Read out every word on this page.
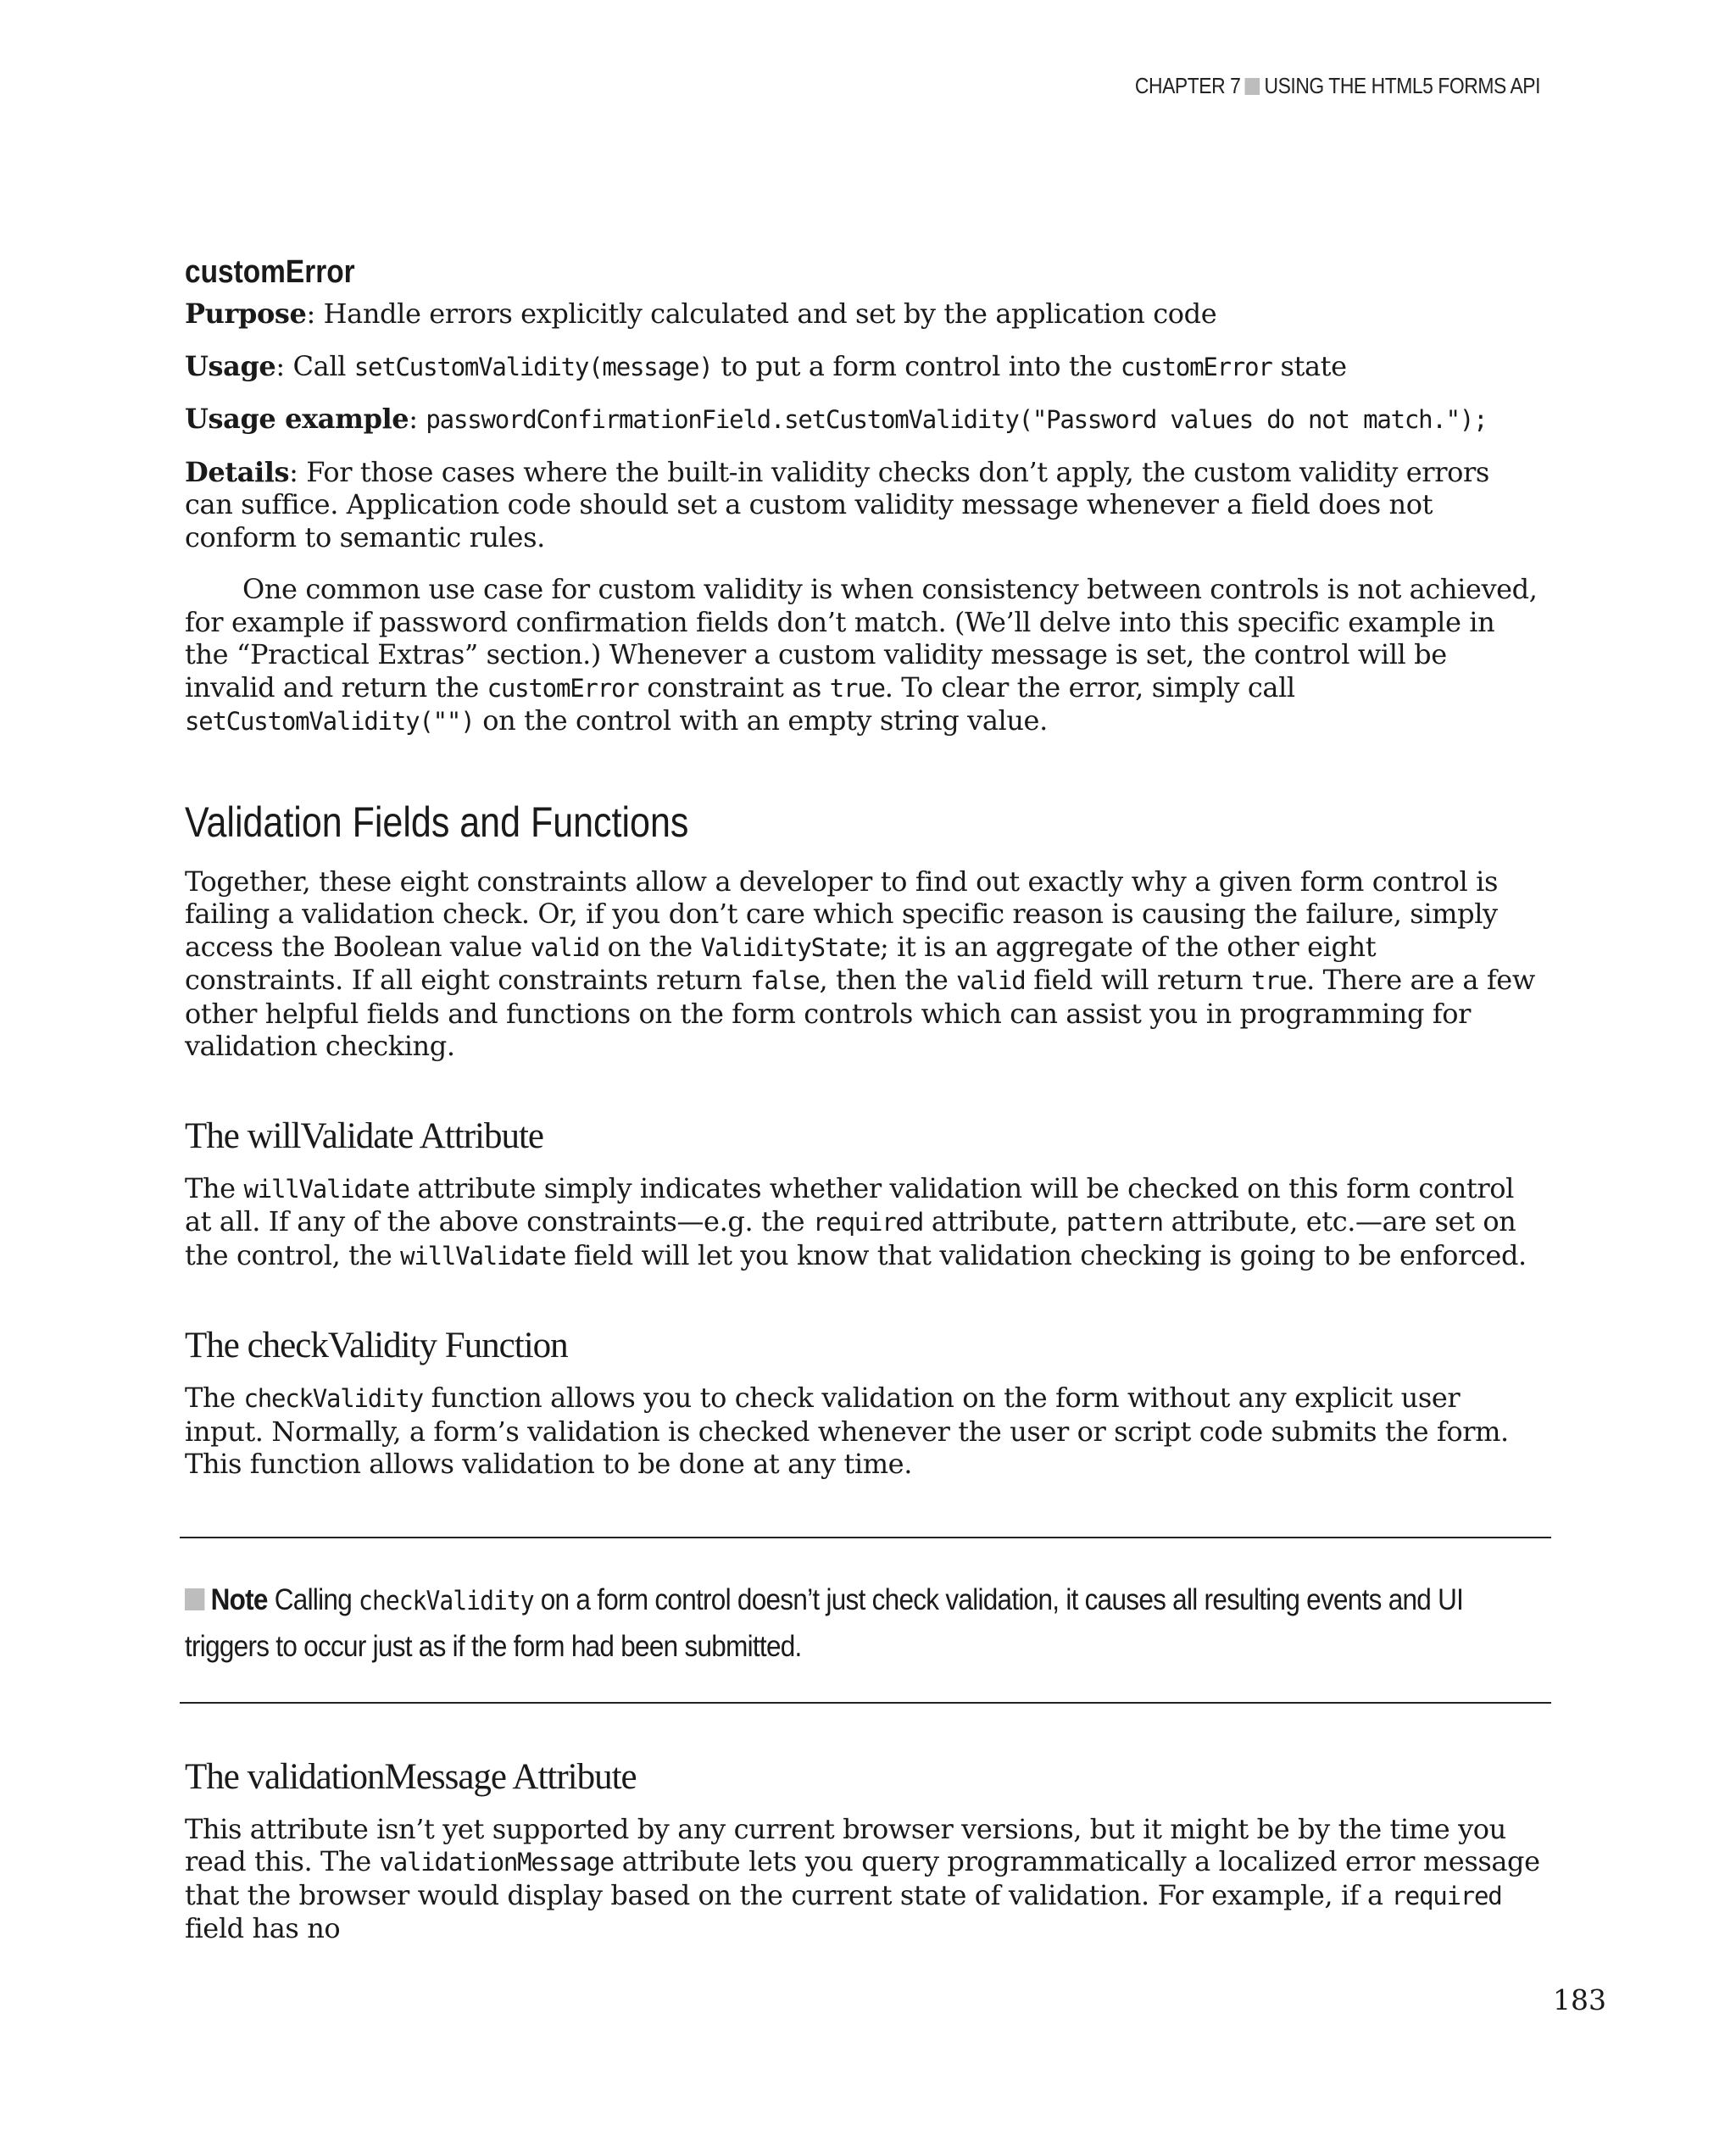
CHAPTER 7 USING THE HTML5 FORMS API
customError

Purpose: Handle errors explicitly calculated and set by the application code

Usage: Call setCustomValidity(message) to put a form control into the customError state

Usage example: passwordConfirmationField.setCustomValidity("Password values do not match.");

Details: For those cases where the built-in validity checks don’t apply, the custom validity errors can suffice. Application code should set a custom validity message whenever a field does not conform to semantic rules.

One common use case for custom validity is when consistency between controls is not achieved, for example if password confirmation fields don’t match. (We’ll delve into this specific example in the “Practical Extras” section.) Whenever a custom validity message is set, the control will be invalid and return the customError constraint as true. To clear the error, simply call setCustomValidity("") on the control with an empty string value.

Validation Fields and Functions

Together, these eight constraints allow a developer to find out exactly why a given form control is failing a validation check. Or, if you don’t care which specific reason is causing the failure, simply access the Boolean value valid on the ValidityState; it is an aggregate of the other eight constraints. If all eight constraints return false, then the valid field will return true. There are a few other helpful fields and functions on the form controls which can assist you in programming for validation checking.

The willValidate Attribute

The willValidate attribute simply indicates whether validation will be checked on this form control at all. If any of the above constraints—e.g. the required attribute, pattern attribute, etc.—are set on the control, the willValidate field will let you know that validation checking is going to be enforced.

The checkValidity Function

The checkValidity function allows you to check validation on the form without any explicit user input. Normally, a form’s validation is checked whenever the user or script code submits the form. This function allows validation to be done at any time.

Note Calling checkValidity on a form control doesn’t just check validation, it causes all resulting events and UI triggers to occur just as if the form had been submitted.
The validationMessage Attribute

This attribute isn’t yet supported by any current browser versions, but it might be by the time you read this. The validationMessage attribute lets you query programmatically a localized error message that the browser would display based on the current state of validation. For example, if a required field has no

183
